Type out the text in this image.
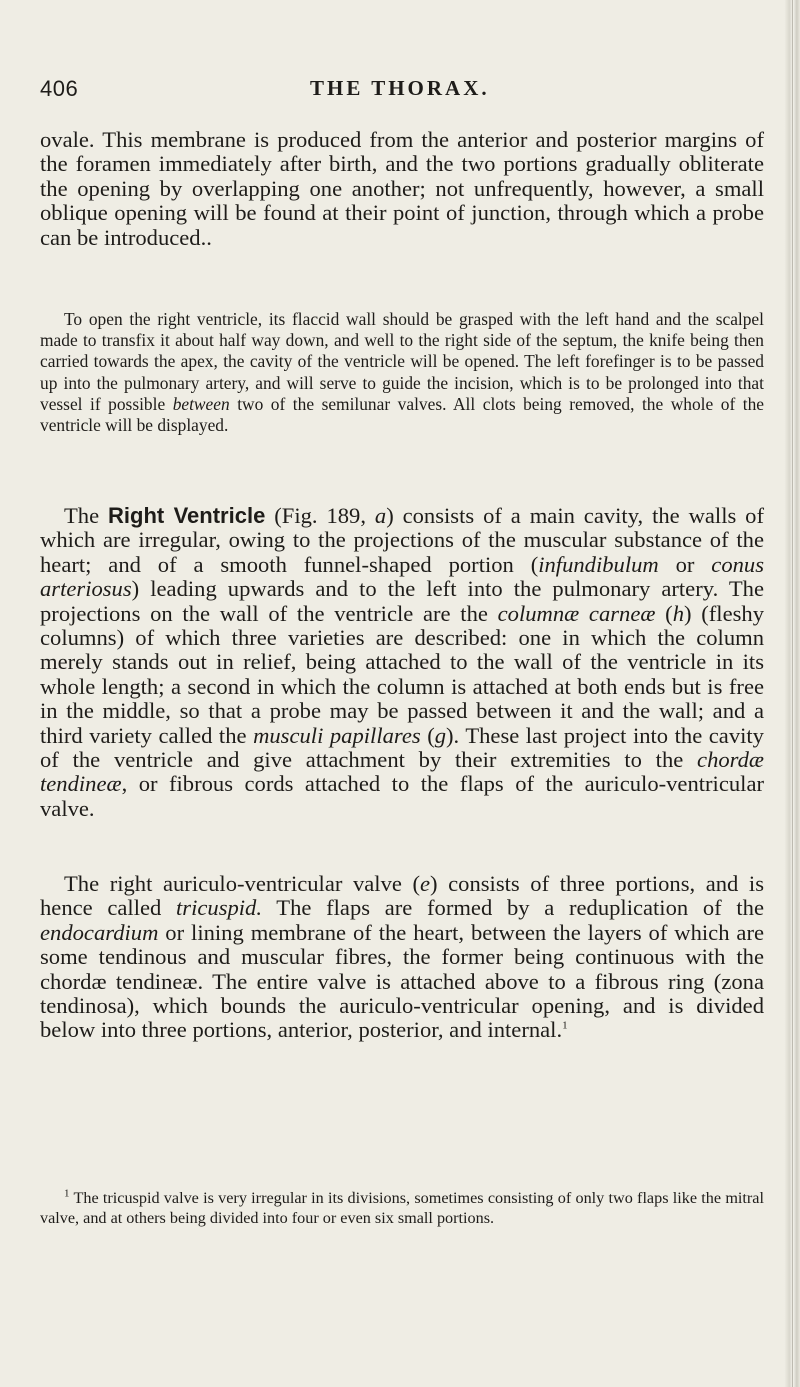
406	THE THORAX.

ovale. This membrane is produced from the anterior and posterior margins of the foramen immediately after birth, and the two portions gradually obliterate the opening by overlapping one another; not unfrequently, however, a small oblique opening will be found at their point of junction, through which a probe can be introduced..

To open the right ventricle, its flaccid wall should be grasped with the left hand and the scalpel made to transfix it about half way down, and well to the right side of the septum, the knife being then carried towards the apex, the cavity of the ventricle will be opened. The left forefinger is to be passed up into the pulmonary artery, and will serve to guide the incision, which is to be prolonged into that vessel if possible between two of the semilunar valves. All clots being removed, the whole of the ventricle will be displayed.

The Right Ventricle (Fig. 189, a) consists of a main cavity, the walls of which are irregular, owing to the projections of the muscular substance of the heart; and of a smooth funnel-shaped portion (infundibulum or conus arteriosus) leading upwards and to the left into the pulmonary artery. The projections on the wall of the ventricle are the columnæ carneæ (h) (fleshy columns) of which three varieties are described: one in which the column merely stands out in relief, being attached to the wall of the ventricle in its whole length; a second in which the column is attached at both ends but is free in the middle, so that a probe may be passed between it and the wall; and a third variety called the musculi papillares (g). These last project into the cavity of the ventricle and give attachment by their extremities to the chordæ tendineæ, or fibrous cords attached to the flaps of the auriculo-ventricular valve.

The right auriculo-ventricular valve (e) consists of three portions, and is hence called tricuspid. The flaps are formed by a reduplication of the endocardium or lining membrane of the heart, between the layers of which are some tendinous and muscular fibres, the former being continuous with the chordæ tendineæ. The entire valve is attached above to a fibrous ring (zona tendinosa), which bounds the auriculo-ventricular opening, and is divided below into three portions, anterior, posterior, and internal.$^1$

$^1$ The tricuspid valve is very irregular in its divisions, sometimes consisting of only two flaps like the mitral valve, and at others being divided into four or even six small portions.
